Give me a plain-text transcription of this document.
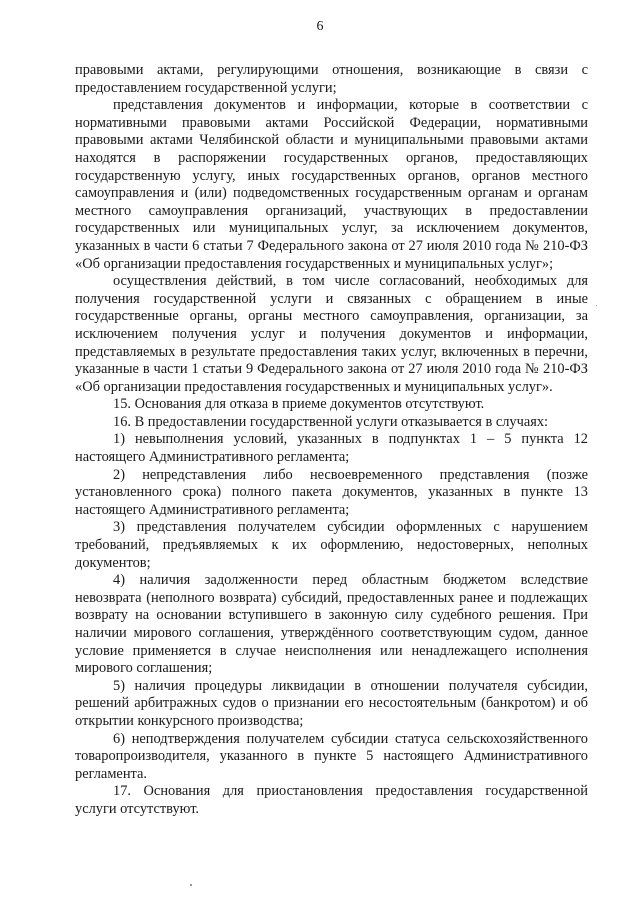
6

правовыми актами, регулирующими отношения, возникающие в связи с предоставлением государственной услуги;

представления документов и информации, которые в соответствии с нормативными правовыми актами Российской Федерации, нормативными правовыми актами Челябинской области и муниципальными правовыми актами находятся в распоряжении государственных органов, предоставляющих государственную услугу, иных государственных органов, органов местного самоуправления и (или) подведомственных государственным органам и органам местного самоуправления организаций, участвующих в предоставлении государственных или муниципальных услуг, за исключением документов, указанных в части 6 статьи 7 Федерального закона от 27 июля 2010 года № 210-ФЗ «Об организации предоставления государственных и муниципальных услуг»;

осуществления действий, в том числе согласований, необходимых для получения государственной услуги и связанных с обращением в иные государственные органы, органы местного самоуправления, организации, за исключением получения услуг и получения документов и информации, представляемых в результате предоставления таких услуг, включенных в перечни, указанные в части 1 статьи 9 Федерального закона от 27 июля 2010 года № 210-ФЗ «Об организации предоставления государственных и муниципальных услуг».

15. Основания для отказа в приеме документов отсутствуют.

16. В предоставлении государственной услуги отказывается в случаях:

1) невыполнения условий, указанных в подпунктах 1 – 5 пункта 12 настоящего Административного регламента;

2) непредставления либо несвоевременного представления (позже установленного срока) полного пакета документов, указанных в пункте 13 настоящего Административного регламента;

3) представления получателем субсидии оформленных с нарушением требований, предъявляемых к их оформлению, недостоверных, неполных документов;

4) наличия задолженности перед областным бюджетом вследствие невозврата (неполного возврата) субсидий, предоставленных ранее и подлежащих возврату на основании вступившего в законную силу судебного решения. При наличии мирового соглашения, утверждённого соответствующим судом, данное условие применяется в случае неисполнения или ненадлежащего исполнения мирового соглашения;

5) наличия процедуры ликвидации в отношении получателя субсидии, решений арбитражных судов о признании его несостоятельным (банкротом) и об открытии конкурсного производства;

6) неподтверждения получателем субсидии статуса сельскохозяйственного товаропроизводителя, указанного в пункте 5 настоящего Административного регламента.

17. Основания для приостановления предоставления государственной услуги отсутствуют.
